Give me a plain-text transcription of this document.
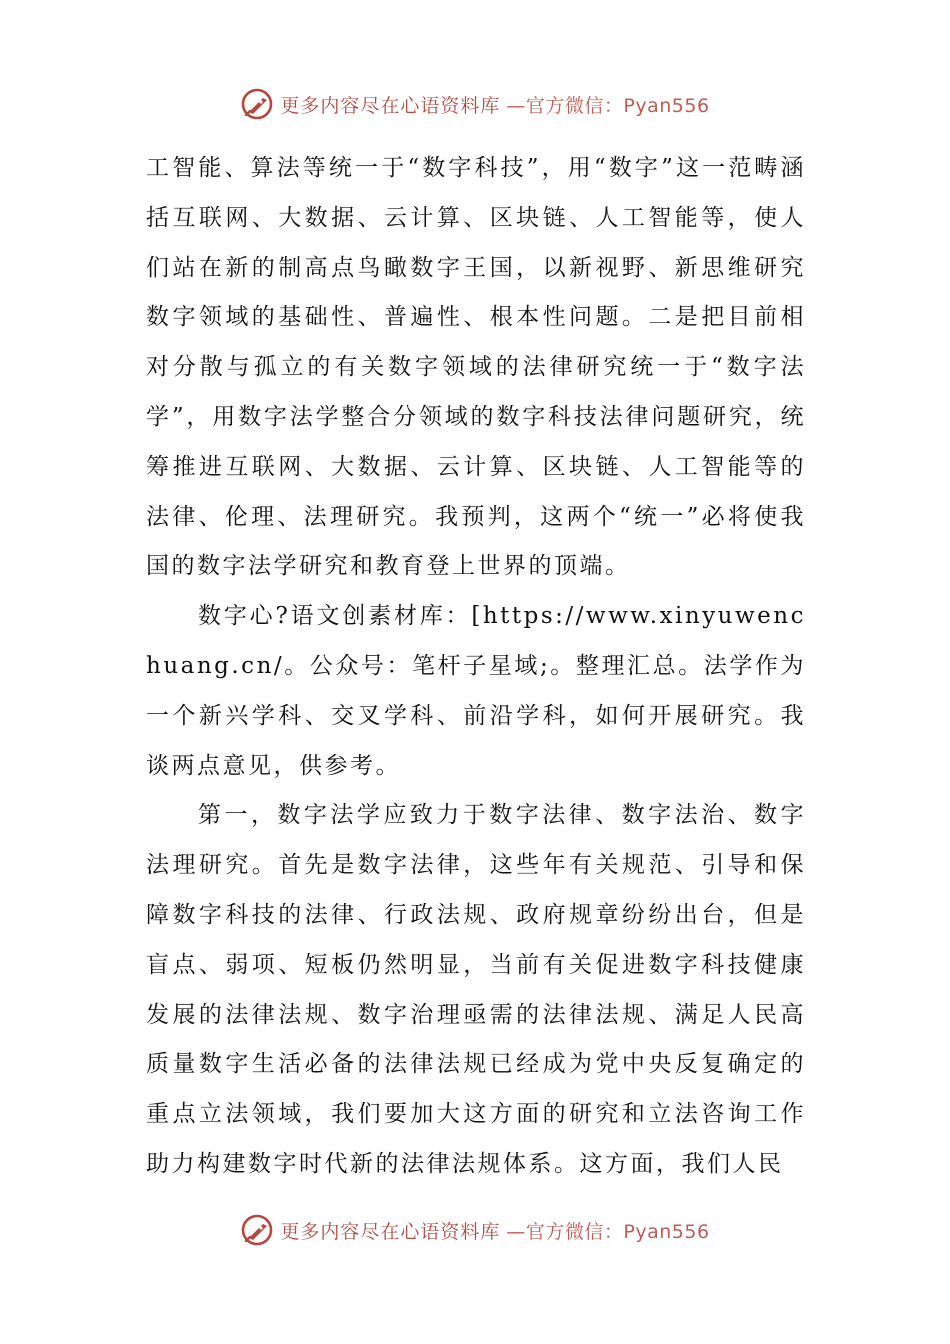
更多内容尽在心语资料库 —官方微信：Pyan556

工智能、算法等统一于“数字科技”，用“数字”这一范畴涵括互联网、大数据、云计算、区块链、人工智能等，使人们站在新的制高点鸟瞰数字王国，以新视野、新思维研究数字领域的基础性、普遍性、根本性问题。二是把目前相对分散与孤立的有关数字领域的法律研究统一于“数字法学”，用数字法学整合分领域的数字科技法律问题研究，统筹推进互联网、大数据、云计算、区块链、人工智能等的法律、伦理、法理研究。我预判，这两个“统一”必将使我国的数字法学研究和教育登上世界的顶端。

数字心?语文创素材库：[https://www.xinyuwenchuang.cn/。公众号：笔杆子星域;。整理汇总。法学作为一个新兴学科、交叉学科、前沿学科，如何开展研究。我谈两点意见，供参考。

第一，数字法学应致力于数字法律、数字法治、数字法理研究。首先是数字法律，这些年有关规范、引导和保障数字科技的法律、行政法规、政府规章纷纷出台，但是盲点、弱项、短板仍然明显，当前有关促进数字科技健康发展的法律法规、数字治理亟需的法律法规、满足人民高质量数字生活必备的法律法规已经成为党中央反复确定的重点立法领域，我们要加大这方面的研究和立法咨询工作助力构建数字时代新的法律法规体系。这方面，我们人民

更多内容尽在心语资料库 —官方微信：Pyan556
